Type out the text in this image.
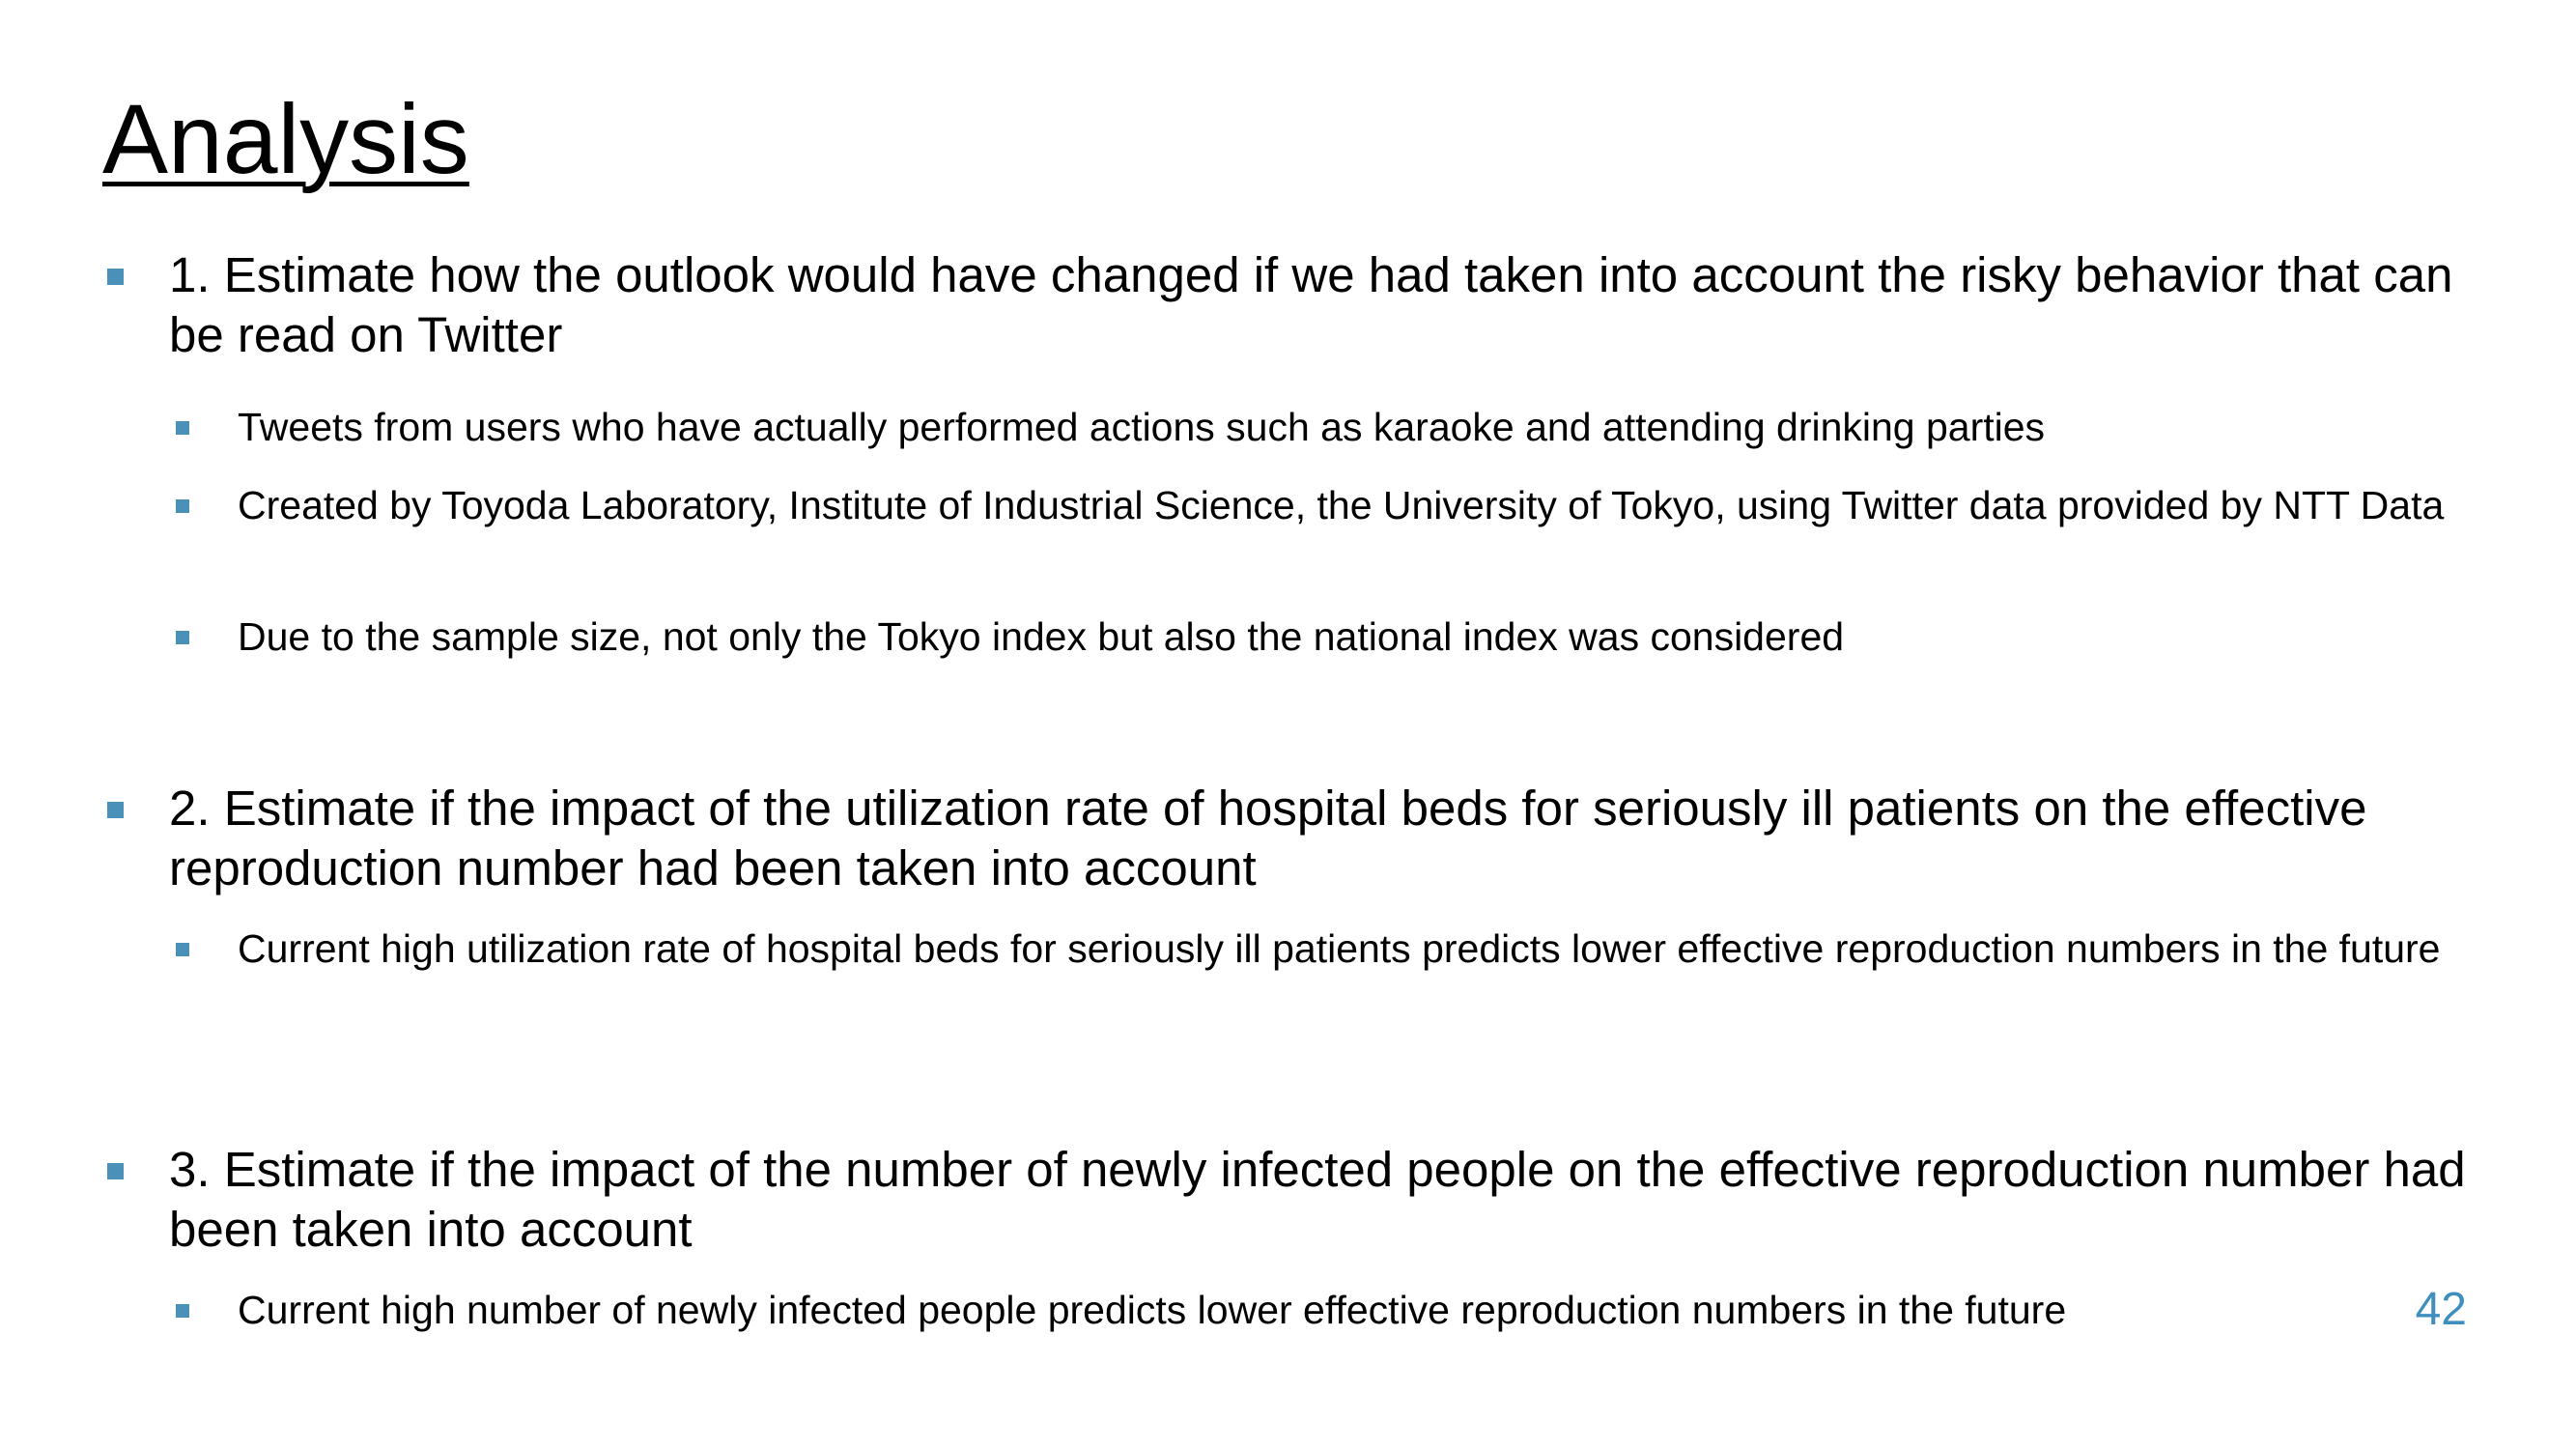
Analysis
1. Estimate how the outlook would have changed if we had taken into account the risky behavior that can be read on Twitter
Tweets from users who have actually performed actions such as karaoke and attending drinking parties
Created by Toyoda Laboratory, Institute of Industrial Science, the University of Tokyo, using Twitter data provided by NTT Data
Due to the sample size, not only the Tokyo index but also the national index was considered
2. Estimate if the impact of the utilization rate of hospital beds for seriously ill patients on the effective reproduction number had been taken into account
Current high utilization rate of hospital beds for seriously ill patients predicts lower effective reproduction numbers in the future
3. Estimate if the impact of the number of newly infected people on the effective reproduction number had been taken into account
Current high number of newly infected people predicts lower effective reproduction numbers in the future	42
